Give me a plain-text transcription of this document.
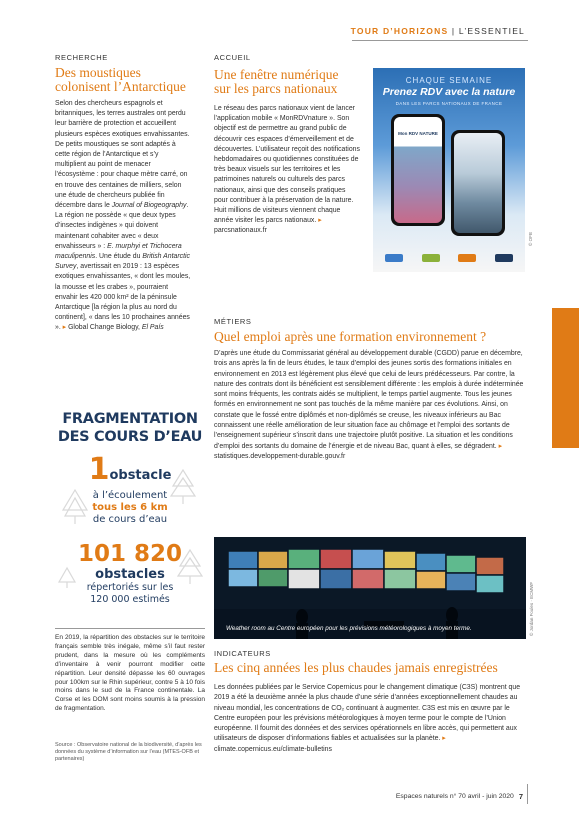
TOUR D’HORIZONS | L’ESSENTIEL
RECHERCHE
Des moustiques
colonisent l’Antarctique
Selon des chercheurs espagnols et britanniques, les terres australes ont perdu leur barrière de protection et accueillent plusieurs espèces exotiques envahissantes. De petits moustiques se sont adaptés à cette région de l’Antarctique et s’y multiplient au point de menacer l’écosystème : pour chaque mètre carré, on en trouve des centaines de milliers, selon une étude de chercheurs publiée fin décembre dans le Journal of Biogeography. La région ne possède « que deux types d’insectes indigènes » qui doivent maintenant cohabiter avec « deux envahisseurs » : E. murphyi et Trichocera maculipennis. Une étude du British Antarctic Survey, avertissait en 2019 : 13 espèces exotiques envahissantes, « dont les moules, la mousse et les crabes », pourraient envahir les 420 000 km² de la péninsule Antarctique [la région la plus au nord du continent], « dans les 10 prochaines années ». ▸ Global Change Biology, El País
FRAGMENTATION
DES COURS D’EAU
1obstacle
à l’écoulement
tous les 6 km
de cours d’eau
101 820
obstacles
répertoriés sur les
120 000 estimés
En 2019, la répartition des obstacles sur le territoire français semble très inégale, même s’il faut rester prudent, dans la mesure où les compléments d’inventaire à venir pourront modifier cette répartition. Leur densité dépasse les 60 ouvrages pour 100km sur le Rhin supérieur, contre 5 à 10 fois moins dans le sud de la France continentale. La Corse et les DOM sont moins soumis à la pression de fragmentation.
Source : Observatoire national de la biodiversité, d’après les données du système d’information sur l’eau (MTES-OFB et partenaires)
ACCUEIL
Une fenêtre numérique
sur les parcs nationaux
Le réseau des parcs nationaux vient de lancer l’application mobile « MonRDVnature ». Son objectif est de permettre au grand public de découvrir ces espaces d’émerveillement et de découvertes. L’utilisateur reçoit des notifications hebdomadaires ou quotidiennes constituées de très beaux visuels sur les territoires et les patrimoines naturels ou culturels des parcs nationaux, ainsi que des conseils pratiques pour contribuer à la préservation de la nature. Huit millions de visiteurs viennent chaque année visiter les parcs nationaux. ▸ parcsnationaux.fr
CHAQUE SEMAINE
Prenez RDV avec la nature
DANS LES PARCS NATIONAUX DE FRANCE
Mon RDV NATURE
© OFB
MÉTIERS
Quel emploi après une formation environnement ?
D’après une étude du Commissariat général au développement durable (CGDD) parue en décembre, trois ans après la fin de leurs études, le taux d’emploi des jeunes sortis des formations initiales en environnement en 2013 est légèrement plus élevé que celui de leurs prédécesseurs. Par contre, la nature des contrats dont ils bénéficient est sensiblement différente : les emplois à durée indéterminée sont moins fréquents, les contrats aidés se multiplient, le temps partiel augmente. Tous les jeunes formés en environnement ne sont pas touchés de la même manière par ces évolutions. Ainsi, on constate que le fossé entre diplômés et non-diplômés se creuse, les niveaux inférieurs au Bac connaissent une réelle amélioration de leur situation face au chômage et l’emploi des sortants de l’enseignement supérieur s’inscrit dans une trajectoire plutôt positive. La situation et les conditions d’emploi des sortants du domaine de l’énergie et de niveau Bac, quant à elles, se dégradent. ▸ statistiques.developpement-durable.gouv.fr
Weather room au Centre européen pour les prévisions météorologiques à moyen terme.	© Jordan Foules · ECMWF
INDICATEURS
Les cinq années les plus chaudes jamais enregistrées
Les données publiées par le Service Copernicus pour le changement climatique (C3S) montrent que 2019 a été la deuxième année la plus chaude d’une série d’années exceptionnellement chaudes au niveau mondial, les concentrations de CO₂ continuant à augmenter. C3S est mis en œuvre par le Centre européen pour les prévisions météorologiques à moyen terme pour le compte de l’Union européenne. Il fournit des données et des services opérationnels en libre accès, qui permettent aux utilisateurs de disposer d’informations fiables et actualisées sur la planète. ▸ climate.copernicus.eu/climate-bulletins
Espaces naturels n° 70 avril - juin 2020 7
